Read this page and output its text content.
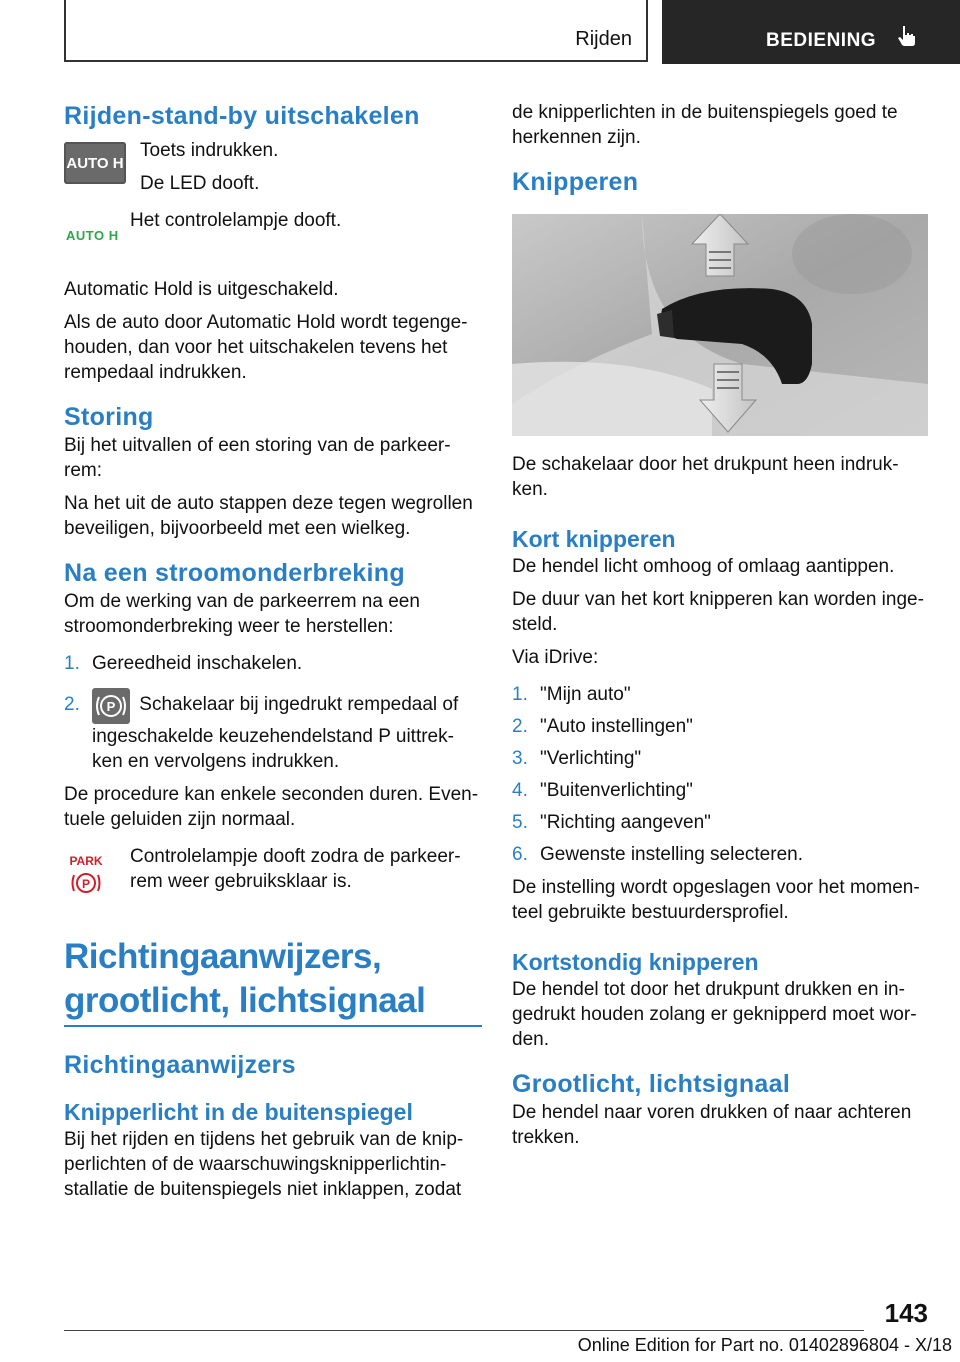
Rijden	BEDIENING
Rijden-stand-by uitschakelen
AUTO H

Toets indrukken.

De LED dooft.

AUTO H

Het controlelampje dooft.

Automatic Hold is uitgeschakeld.

Als de auto door Automatic Hold wordt tegenge-houden, dan voor het uitschakelen tevens het rempedaal indrukken.

Storing

Bij het uitvallen of een storing van de parkeer-rem:

Na het uit de auto stappen deze tegen wegrollen beveiligen, bijvoorbeeld met een wielkeg.

Na een stroomonderbreking

Om de werking van de parkeerrem na een stroomonderbreking weer te herstellen:

1. Gereedheid inschakelen.
2.	P Schakelaar bij ingedrukt rempedaal of ingeschakelde keuzehendelstand P uittrek-ken en vervolgens indrukken.

De procedure kan enkele seconden duren. Even-tuele geluiden zijn normaal.

PARK
P

Controlelampje dooft zodra de parkeer-rem weer gebruiksklaar is.

Richtingaanwijzers,
grootlicht, lichtsignaal
Richtingaanwijzers
Knipperlicht in de buitenspiegel

Bij het rijden en tijdens het gebruik van de knip-perlichten of de waarschuwingsknipperlichtin-stallatie de buitenspiegels niet inklappen, zodat

de knipperlichten in de buitenspiegels goed te herkennen zijn.

Knipperen

De schakelaar door het drukpunt heen indruk-ken.

Kort knipperen

De hendel licht omhoog of omlaag aantippen.

De duur van het kort knipperen kan worden inge-steld.

Via iDrive:

1. "Mijn auto"
2. "Auto instellingen"
3. "Verlichting"
4. "Buitenverlichting"
5. "Richting aangeven"
6. Gewenste instelling selecteren.

De instelling wordt opgeslagen voor het momen-teel gebruikte bestuurdersprofiel.

Kortstondig knipperen

De hendel tot door het drukpunt drukken en in-gedrukt houden zolang er geknipperd moet wor-den.

Grootlicht, lichtsignaal

De hendel naar voren drukken of naar achteren trekken.

143
Online Edition for Part no. 01402896804 - X/18
